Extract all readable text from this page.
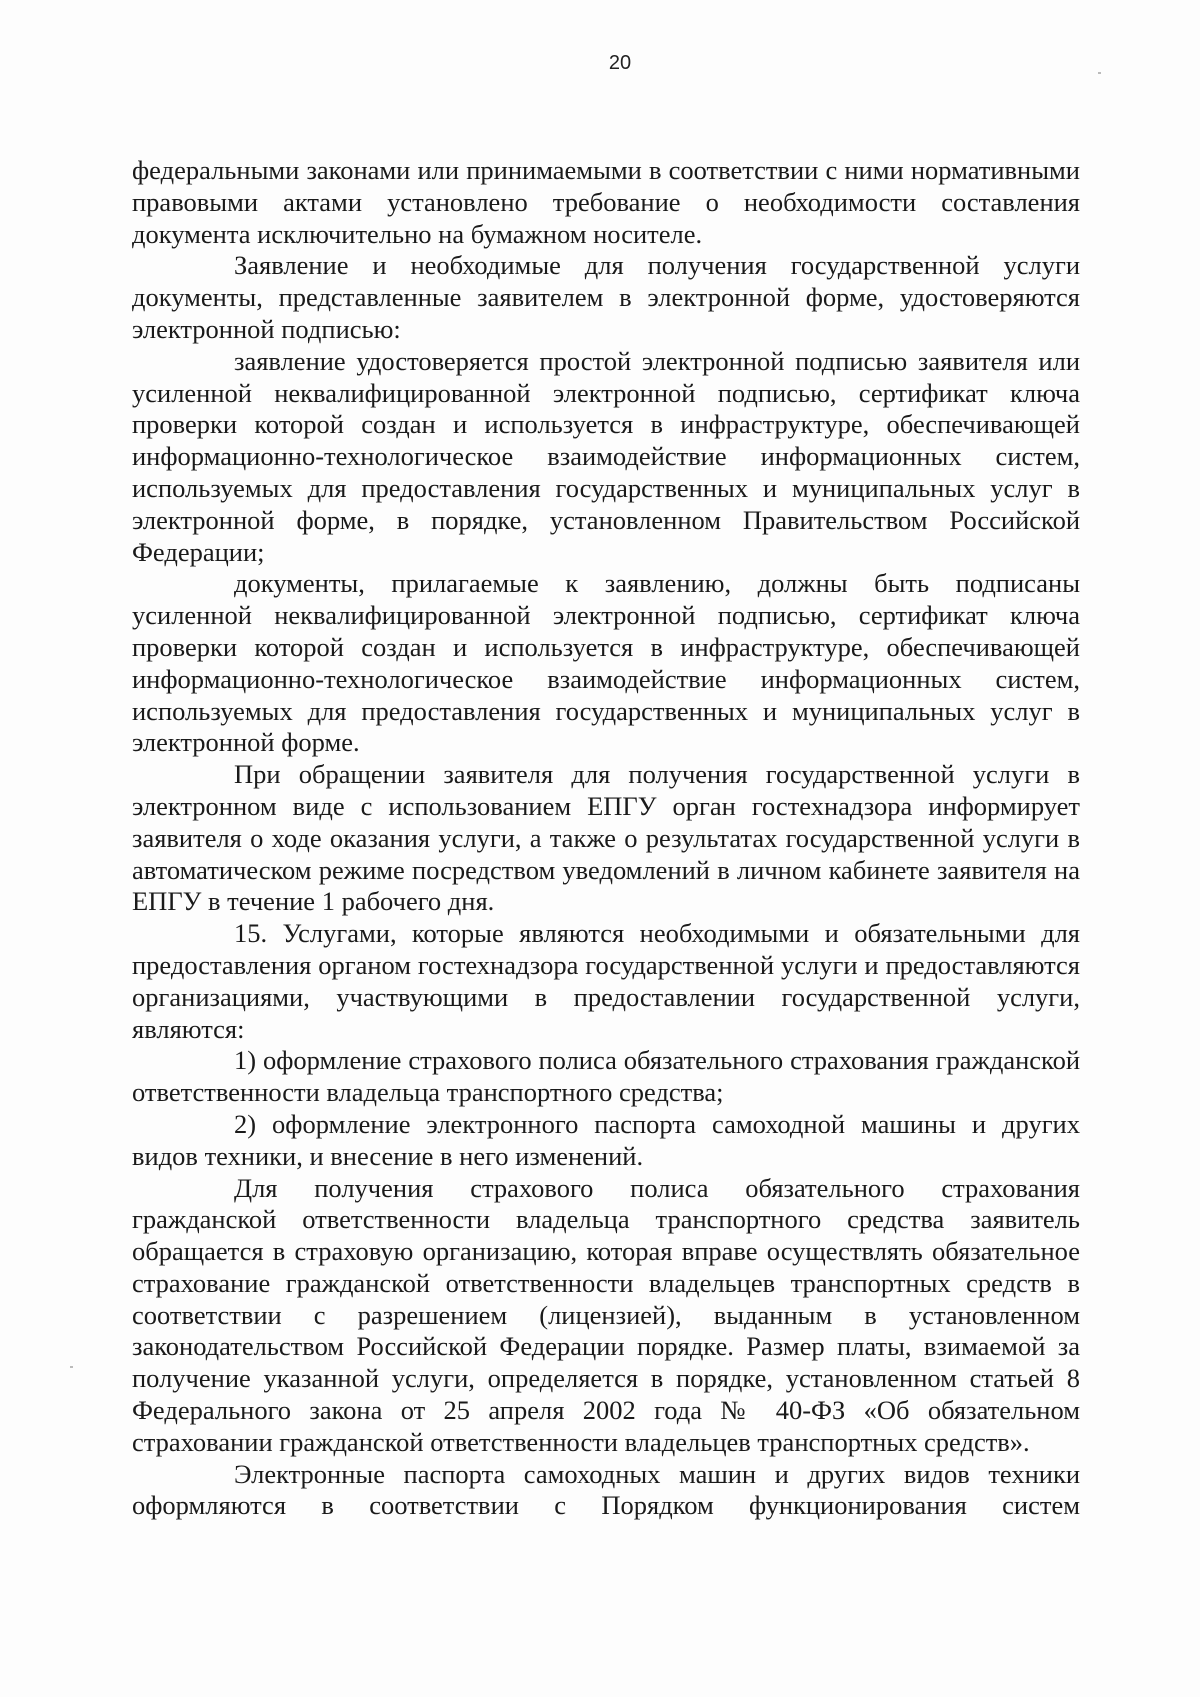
20

федеральными законами или принимаемыми в соответствии с ними нормативными правовыми актами установлено требование о необходимости составления документа исключительно на бумажном носителе.

Заявление и необходимые для получения государственной услуги документы, представленные заявителем в электронной форме, удостоверяются электронной подписью:

заявление удостоверяется простой электронной подписью заявителя или усиленной неквалифицированной электронной подписью, сертификат ключа проверки которой создан и используется в инфраструктуре, обеспечивающей информационно-технологическое взаимодействие информационных систем, используемых для предоставления государственных и муниципальных услуг в электронной форме, в порядке, установленном Правительством Российской Федерации;

документы, прилагаемые к заявлению, должны быть подписаны усиленной неквалифицированной электронной подписью, сертификат ключа проверки которой создан и используется в инфраструктуре, обеспечивающей информационно-технологическое взаимодействие информационных систем, используемых для предоставления государственных и муниципальных услуг в электронной форме.

При обращении заявителя для получения государственной услуги в электронном виде с использованием ЕПГУ орган гостехнадзора информирует заявителя о ходе оказания услуги, а также о результатах государственной услуги в автоматическом режиме посредством уведомлений в личном кабинете заявителя на ЕПГУ в течение 1 рабочего дня.

15. Услугами, которые являются необходимыми и обязательными для предоставления органом гостехнадзора государственной услуги и предоставляются организациями, участвующими в предоставлении государственной услуги, являются:

1) оформление страхового полиса обязательного страхования гражданской ответственности владельца транспортного средства;

2) оформление электронного паспорта самоходной машины и других видов техники, и внесение в него изменений.

Для получения страхового полиса обязательного страхования гражданской ответственности владельца транспортного средства заявитель обращается в страховую организацию, которая вправе осуществлять обязательное страхование гражданской ответственности владельцев транспортных средств в соответствии с разрешением (лицензией), выданным в установленном законодательством Российской Федерации порядке. Размер платы, взимаемой за получение указанной услуги, определяется в порядке, установленном статьей 8 Федерального закона от 25 апреля 2002 года № 40-ФЗ «Об обязательном страховании гражданской ответственности владельцев транспортных средств».

Электронные паспорта самоходных машин и других видов техники оформляются в соответствии с Порядком функционирования систем
